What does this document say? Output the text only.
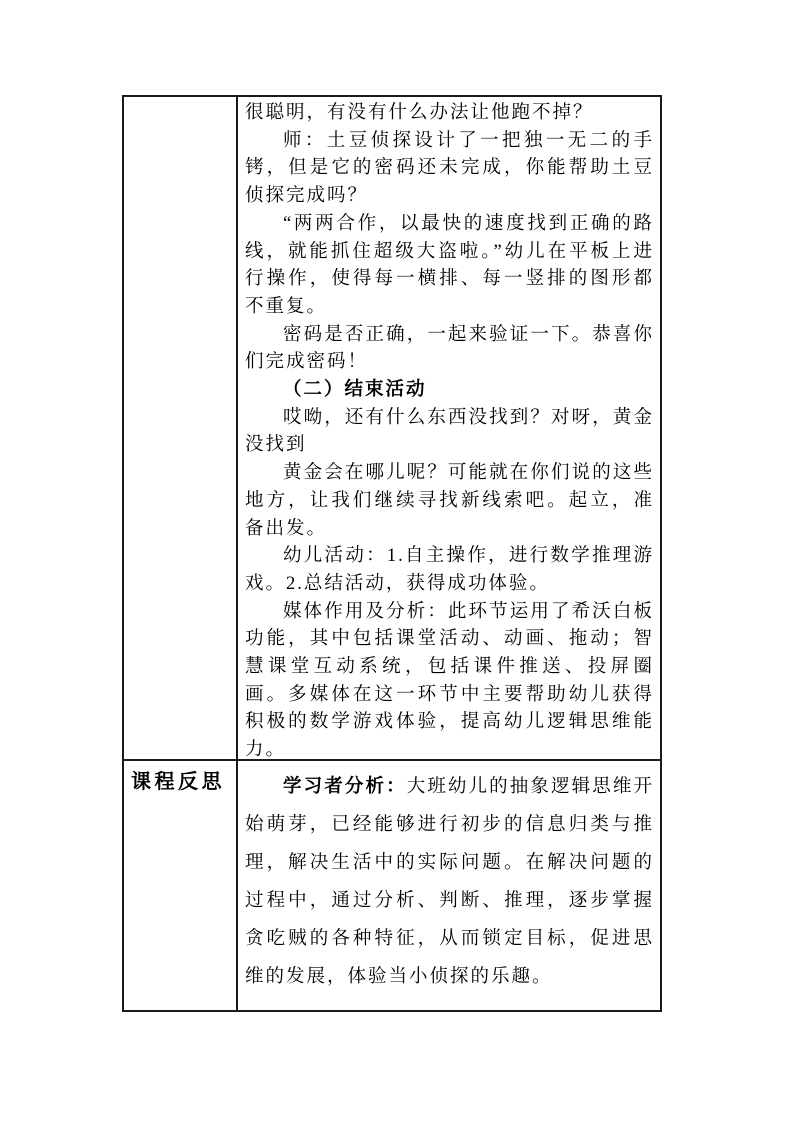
很聪明，有没有什么办法让他跑不掉？

师：土豆侦探设计了一把独一无二的手铐，但是它的密码还未完成，你能帮助土豆侦探完成吗？

“两两合作，以最快的速度找到正确的路线，就能抓住超级大盗啦。”幼儿在平板上进行操作，使得每一横排、每一竖排的图形都不重复。

密码是否正确，一起来验证一下。恭喜你们完成密码！

（二）结束活动

哎呦，还有什么东西没找到？对呀，黄金没找到

黄金会在哪儿呢？可能就在你们说的这些地方，让我们继续寻找新线索吧。起立，准备出发。

幼儿活动：1.自主操作，进行数学推理游戏。2.总结活动，获得成功体验。

媒体作用及分析：此环节运用了希沃白板功能，其中包括课堂活动、动画、拖动；智慧课堂互动系统，包括课件推送、投屏圈画。多媒体在这一环节中主要帮助幼儿获得积极的数学游戏体验，提高幼儿逻辑思维能力。

课程反思	学习者分析：大班幼儿的抽象逻辑思维开始萌芽，已经能够进行初步的信息归类与推理，解决生活中的实际问题。在解决问题的过程中，通过分析、判断、推理，逐步掌握贪吃贼的各种特征，从而锁定目标，促进思维的发展，体验当小侦探的乐趣。
